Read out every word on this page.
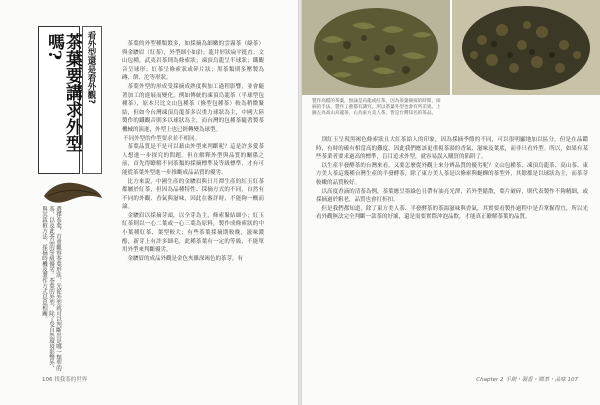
茶葉要講求外型嗎?	看外型還是看外觀?
選擇茶葉，首重觀察茶葉形狀，光從外型就可以判斷出是哪一類型的茶，以及此茶品的等級優劣。茶葉的外型，除了受自然環境影響外，與其栽植方法、採摘時機及製作方式息息相關。

茶葉的外型種類繁多，如採摘為細嫩的雲霧茶（綠茶）與金駿眉（紅茶），外型細小如針；龍井形狀扁平挺直；文山包種，武夷岩茶則為條索狀；凍頂烏龍呈半球狀；鐵觀音呈球形；紅茶呈條索狀或碎片狀；黑茶類則多壓製為磚、餅、沱等形狀。

茶葉外型的形成受採摘成熟度與加工過程影響，並會隨著加工的進展而變化，例如傳統的凍頂烏龍茶（半球型包種茶），原本只比文山包種茶（條型包種茶）較為稍微緊結，但如今台灣凍頂烏龍茶多以重力球狀為主，中國大陸製作的鐵觀音則多以球狀為主，而台灣的包種茶隨著製茶機械的演進，外型上也已經轉變為球型。

不同外型的作型要求並不相同。

茶葉品質是不是可以藉由外型來判斷呢？這是許多愛茶人想進一步探究的問題。但在解釋外型與品質的關係之前，首先得瞭解不同茶類的採摘標準及等級標準，才有可能從茶葉外型進一步推斷成品品質的優劣。

比方來說，中國生產的金駿眉與日月潭生產的紅玉紅茶都屬於紅茶，但因為品種特性、採摘方式的不同，自然有不同的外觀、香氣與滋味，因此在審評時，不能夠一概而論。

金駿眉以採摘芽頭，以全芽為主，條索緊結細小；紅玉紅茶則以一心二葉或一心三葉為原料，製作成條索狀的中小葉種紅茶，葉型較大；有些茶葉採摘期較晚，滋味濃醇，新芽上有許多細毛，此種茶葉有一定的等級，不能單用外型來判斷優劣。

金駿眉的成品外觀是金色夾雜深褐色的茶芽，有

106 找我茶的世界
製作高檔的茶葉，無論是烏龍或紅茶，因為茶葉摘採的時間、採摘的手法、製作工藝都有講究，所以茶葉外型也會有所差異。上圖左為高山烏龍茶，右為東方美人茶，皆是台灣知名的茶品。

別紅玉呈現黑褐色條索狀且大紅茶給人的印象，因為採摘季節的不同，可以很明顯地加以區分，但是在品鑑時，有時的確有相當高的難度，因此我們應該更重視茶湯的香氣、滋味及葉底，而非只看外型。所以，如果有某些茶業者要求過高的標準，盲目追求外型，就容易誤入購買的陷阱了。

以生產半發酵茶的台灣來看，又要怎麼從外觀上來分辨品質的優劣呢？文山包種茶、凍頂烏龍茶、高山茶、東方美人茶這幾種台灣生產的半發酵茶，除了東方美人茶是以條索與蜒蟬的茶型外，其餘都是以球狀為主，而茶芽較嫩的品質較好。

以高度香滴的清茶為例，茶葉應呈墨綠色且帶有油亮光澤，若外型鬆散，葉片破碎，則代表製作不夠精細，或採摘過於粗老，品質也會打折扣。

但是我們都知道，除了東方美人茶、半發酵茶的茶湯滋味與香氣，其實要看製作過程中是否掌握得宜，所以光看外觀無法完全判斷一款茶的好壞，還是需要實際沖泡品飲，才能真正瞭解茶葉的品質。

Chapter 2 手創・製香・閱茶・品味 107
